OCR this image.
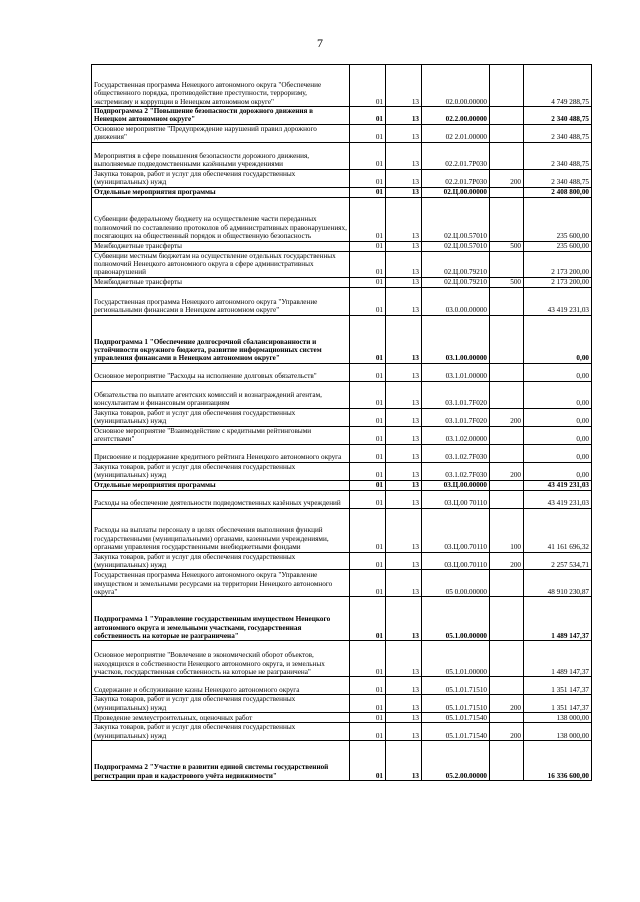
7
Государственная программа Ненецкого автономного округа "Обеспечение общественного порядка, противодействие преступности, терроризму, экстремизму и коррупции в Ненецком автономном округе"	01	13	02.0.00.00000		4 749 288,75
Подпрограмма 2 "Повышение безопасности дорожного движения в Ненецком автономном округе"	01	13	02.2.00.00000		2 340 488,75
Основное мероприятие "Предупреждение нарушений правил дорожного движения"	01	13	02 2.01.00000		2 340 488,75
Мероприятия в сфере повышения безопасности дорожного движения, выполняемые подведомственными казёнными учреждениями	01	13	02.2.01.7Р030		2 340 488,75
Закупка товаров, работ и услуг для обеспечения государственных (муниципальных) нужд	01	13	02.2.01.7Р030	200	2 340 488,75
Отдельные мероприятия программы	01	13	02.Ц.00.00000		2 408 800,00
Субвенции федеральному бюджету на осуществление части переданных полномочий по составлению протоколов об административных правонарушениях, посягающих на общественный порядок и общественную безопасность	01	13	02.Ц.00.57010		235 600,00
Межбюджетные трансферты	01	13	02.Ц.00.57010	500	235 600,00
Субвенции местным бюджетам на осуществление отдельных государственных полномочий Ненецкого автономного округа в сфере административных правонарушений	01	13	02.Ц.00.79210		2 173 200,00
Межбюджетные трансферты	01	13	02.Ц.00.79210	500	2 173 200,00
Государственная программа Ненецкого автономного округа "Управление региональными финансами в Ненецком автономном округе"	01	13	03.0.00.00000		43 419 231,03
Подпрограмма 1 "Обеспечение долгосрочной сбалансированности и устойчивости окружного бюджета, развитие информационных систем управления финансами в Ненецком автономном округе"	01	13	03.1.00.00000		0,00
Основное мероприятие "Расходы на исполнение долговых обязательств"	01	13	03.1.01.00000		0,00
Обязательства по выплате агентских комиссий и вознаграждений агентам, консультантам и финансовым организациям	01	13	03.1.01.7F020		0,00
Закупка товаров, работ и услуг для обеспечения государственных (муниципальных) нужд	01	13	03.1.01.7F020	200	0,00
Основное мероприятие "Взаимодействие с кредитными рейтинговыми агентствами"	01	13	03.1.02.00000		0,00
Присвоение и поддержание кредитного рейтинга Ненецкого автономного округа	01	13	03.1.02.7F030		0,00
Закупка товаров, работ и услуг для обеспечения государственных (муниципальных) нужд	01	13	03.1.02.7F030	200	0,00
Отдельные мероприятия программы	01	13	03.Ц.00.00000		43 419 231,03
Расходы на обеспечение деятельности подведомственных казённых учреждений	01	13	03.Ц.00 70110		43 419 231,03
Расходы на выплаты персоналу в целях обеспечения выполнения функций государственными (муниципальными) органами, казенными учреждениями, органами управления государственными внебюджетными фондами	01	13	03.Ц.00.70110	100	41 161 696,32
Закупка товаров, работ и услуг для обеспечения государственных (муниципальных) нужд	01	13	03.Ц.00.70110	200	2 257 534,71
Государственная программа Ненецкого автономного округа "Управление имуществом и земельными ресурсами на территории Ненецкого автономного округа"	01	13	05 0.00.00000		48 910 230,87
Подпрограмма 1 "Управление государственным имуществом Ненецкого автономного округа и земельными участками, государственная собственность на которые не разграничена"	01	13	05.1.00.00000		1 489 147,37
Основное мероприятие "Вовлечение в экономический оборот объектов, находящихся в собственности Ненецкого автономного округа, и земельных участков, государственная собственность на которые не разграничена"	01	13	05.1.01.00000		1 489 147,37
Содержание и обслуживание казны Ненецкого автономного округа	01	13	05.1.01.71510		1 351 147,37
Закупка товаров, работ и услуг для обеспечения государственных (муниципальных) нужд	01	13	05.1.01.71510	200	1 351 147,37
Проведение землеустроительных, оценочных работ	01	13	05.1.01.71540		138 000,00
Закупка товаров, работ и услуг для обеспечения государственных (муниципальных) нужд	01	13	05.1.01.71540	200	138 000,00
Подпрограмма 2 "Участие в развитии единой системы государственной регистрации прав и кадастрового учёта недвижимости"	01	13	05.2.00.00000		16 336 600,00
